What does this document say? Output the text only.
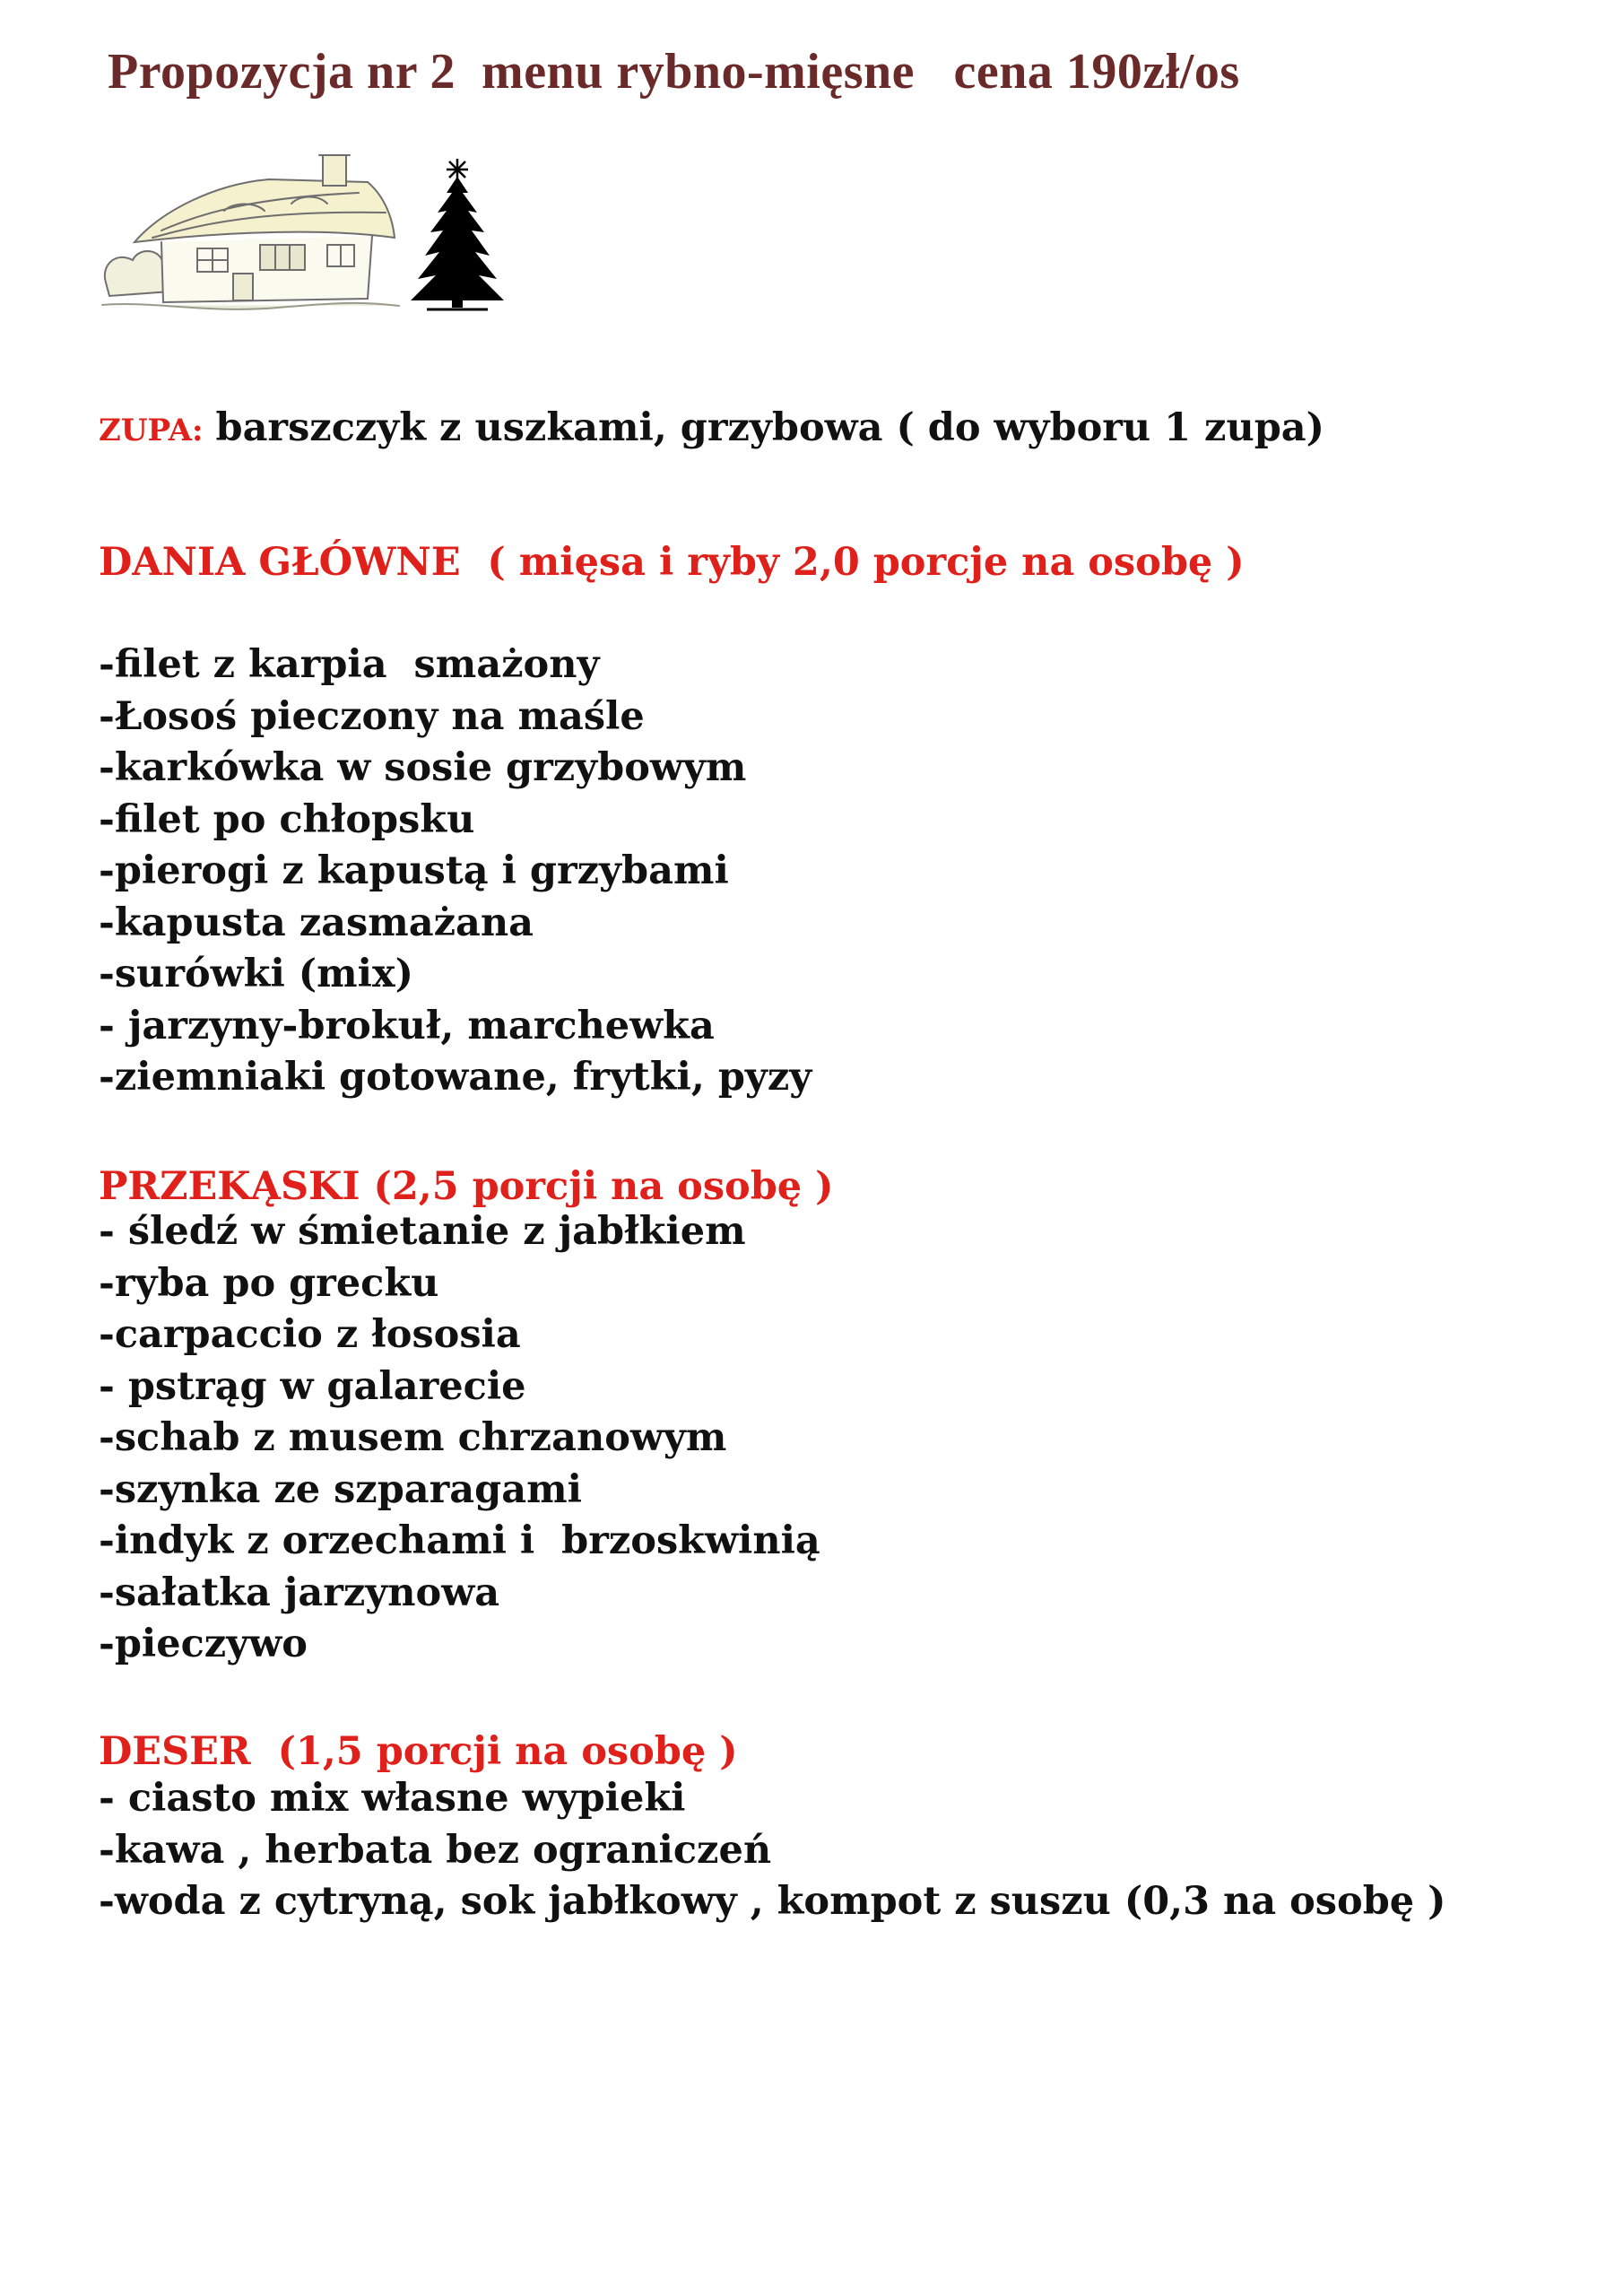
Propozycja nr 2  menu rybno-mięsne   cena 190zł/os
ZUPA: barszczyk z uszkami, grzybowa ( do wyboru 1 zupa)
DANIA GŁÓWNE  ( mięsa i ryby 2,0 porcje na osobę )
-filet z karpia  smażony
-Łosoś pieczony na maśle
-karkówka w sosie grzybowym
-filet po chłopsku
-pierogi z kapustą i grzybami
-kapusta zasmażana
-surówki (mix)
- jarzyny-brokuł, marchewka
-ziemniaki gotowane, frytki, pyzy
PRZEKĄSKI (2,5 porcji na osobę )
- śledź w śmietanie z jabłkiem
-ryba po grecku
-carpaccio z łososia
- pstrąg w galarecie
-schab z musem chrzanowym
-szynka ze szparagami
-indyk z orzechami i  brzoskwinią
-sałatka jarzynowa
-pieczywo
DESER  (1,5 porcji na osobę )
- ciasto mix własne wypieki
-kawa , herbata bez ograniczeń
-woda z cytryną, sok jabłkowy , kompot z suszu (0,3 na osobę )
